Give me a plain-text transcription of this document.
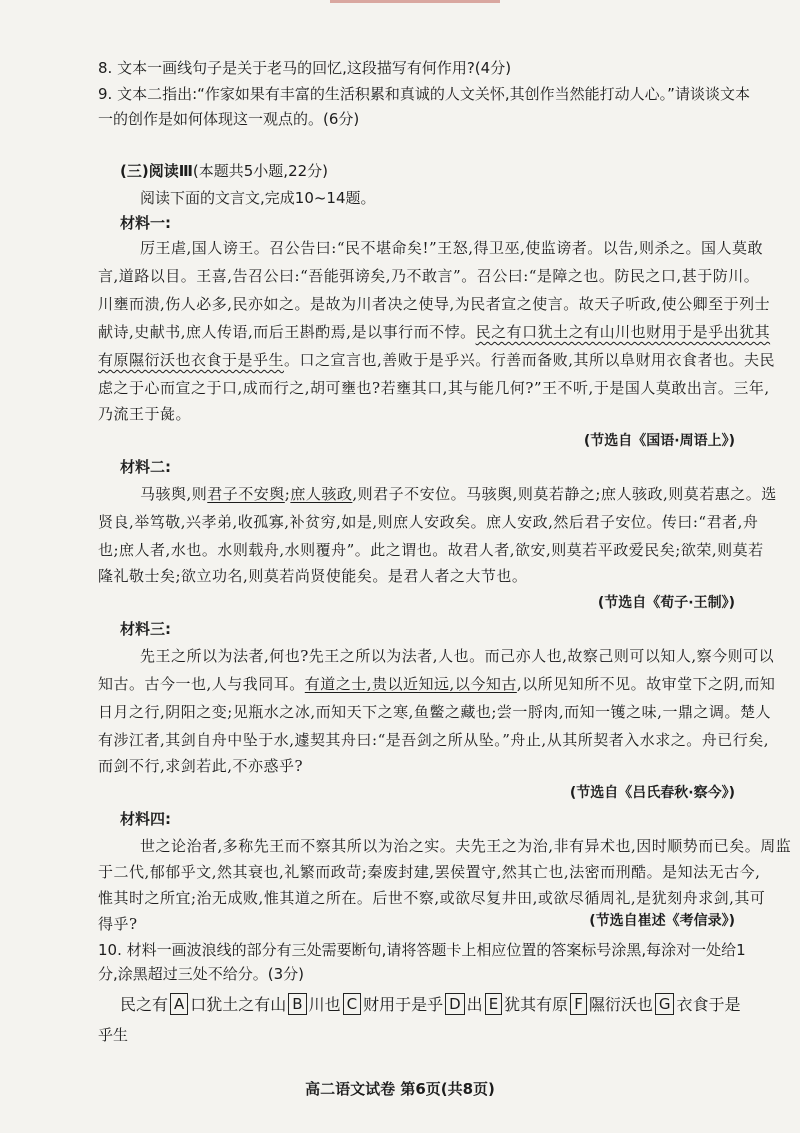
8. 文本一画线句子是关于老马的回忆,这段描写有何作用?(4分)
9. 文本二指出:“作家如果有丰富的生活积累和真诚的人文关怀,其创作当然能打动人心。”请谈谈文本
一的创作是如何体现这一观点的。(6分)
(三)阅读Ⅲ(本题共5小题,22分)
阅读下面的文言文,完成10~14题。
材料一:
厉王虐,国人谤王。召公告曰:“民不堪命矣!”王怒,得卫巫,使监谤者。以告,则杀之。国人莫敢
言,道路以目。王喜,告召公曰:“吾能弭谤矣,乃不敢言”。召公曰:“是障之也。防民之口,甚于防川。
川壅而溃,伤人必多,民亦如之。是故为川者决之使导,为民者宣之使言。故天子听政,使公卿至于列士
献诗,史献书,庶人传语,而后王斟酌焉,是以事行而不悖。民之有口犹土之有山川也财用于是乎出犹其
有原隰衍沃也衣食于是乎生。口之宣言也,善败于是乎兴。行善而备败,其所以阜财用衣食者也。夫民
虑之于心而宣之于口,成而行之,胡可壅也?若壅其口,其与能几何?”王不听,于是国人莫敢出言。三年,
乃流王于彘。
(节选自《国语·周语上》)
材料二:
马骇舆,则君子不安舆;庶人骇政,则君子不安位。马骇舆,则莫若静之;庶人骇政,则莫若惠之。选
贤良,举笃敬,兴孝弟,收孤寡,补贫穷,如是,则庶人安政矣。庶人安政,然后君子安位。传曰:“君者,舟
也;庶人者,水也。水则载舟,水则覆舟”。此之谓也。故君人者,欲安,则莫若平政爱民矣;欲荣,则莫若
隆礼敬士矣;欲立功名,则莫若尚贤使能矣。是君人者之大节也。
(节选自《荀子·王制》)
材料三:
先王之所以为法者,何也?先王之所以为法者,人也。而己亦人也,故察己则可以知人,察今则可以
知古。古今一也,人与我同耳。有道之士,贵以近知远,以今知古,以所见知所不见。故审堂下之阴,而知
日月之行,阴阳之变;见瓶水之冰,而知天下之寒,鱼鳖之藏也;尝一脟肉,而知一镬之味,一鼎之调。楚人
有涉江者,其剑自舟中坠于水,遽契其舟曰:“是吾剑之所从坠。”舟止,从其所契者入水求之。舟已行矣,
而剑不行,求剑若此,不亦惑乎?
(节选自《吕氏春秋·察今》)
材料四:
世之论治者,多称先王而不察其所以为治之实。夫先王之为治,非有异术也,因时顺势而已矣。周监
于二代,郁郁乎文,然其衰也,礼繁而政苛;秦废封建,罢侯置守,然其亡也,法密而刑酷。是知法无古今,
惟其时之所宜;治无成败,惟其道之所在。后世不察,或欲尽复井田,或欲尽循周礼,是犹刻舟求剑,其可
得乎?	(节选自崔述《考信录》)
10. 材料一画波浪线的部分有三处需要断句,请将答题卡上相应位置的答案标号涂黑,每涂对一处给1
分,涂黑超过三处不给分。(3分)
民之有 A 口犹土之有山 B 川也 C 财用于是乎 D 出 E 犹其有原 F 隰衍沃也 G 衣食于是
乎生
高二语文试卷 第6页(共8页)
